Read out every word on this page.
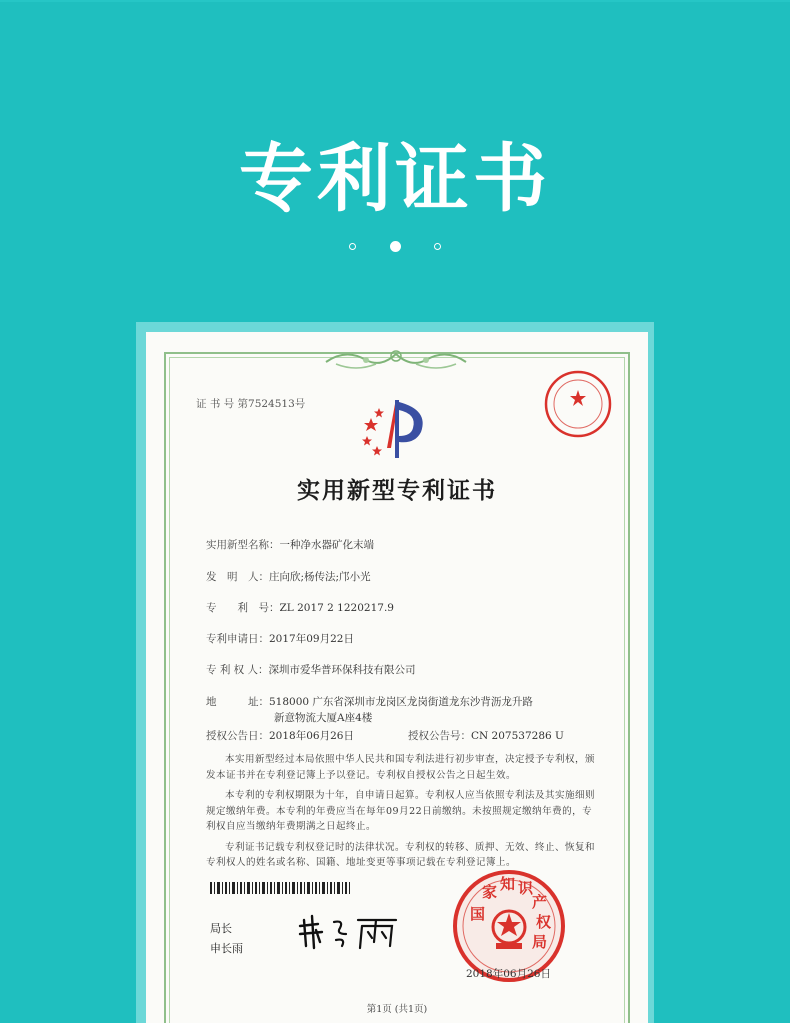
专利证书

证 书 号 第7524513号
实用新型专利证书
实用新型名称：一种净水器矿化末端
发　明　人：庄向欣;杨传法;邝小光
专　　利　号：ZL 2017 2 1220217.9
专利申请日：2017年09月22日
专 利 权 人：深圳市爱华普环保科技有限公司
地　　　址：518000 广东省深圳市龙岗区龙岗街道龙东沙背沥龙升路
新意物流大厦A座4楼
授权公告日：2018年06月26日	授权公告号：CN 207537286 U

本实用新型经过本局依照中华人民共和国专利法进行初步审查，决定授予专利权，颁发本证书并在专利登记簿上予以登记。专利权自授权公告之日起生效。

本专利的专利权期限为十年，自申请日起算。专利权人应当依照专利法及其实施细则规定缴纳年费。本专利的年费应当在每年09月22日前缴纳。未按照规定缴纳年费的，专利权自应当缴纳年费期满之日起终止。

专利证书记载专利权登记时的法律状况。专利权的转移、质押、无效、终止、恢复和专利权人的姓名或名称、国籍、地址变更等事项记载在专利登记簿上。

局长
申长雨
国
家 知 识
产
权
局
2018年06月26日
第1页 (共1页)
